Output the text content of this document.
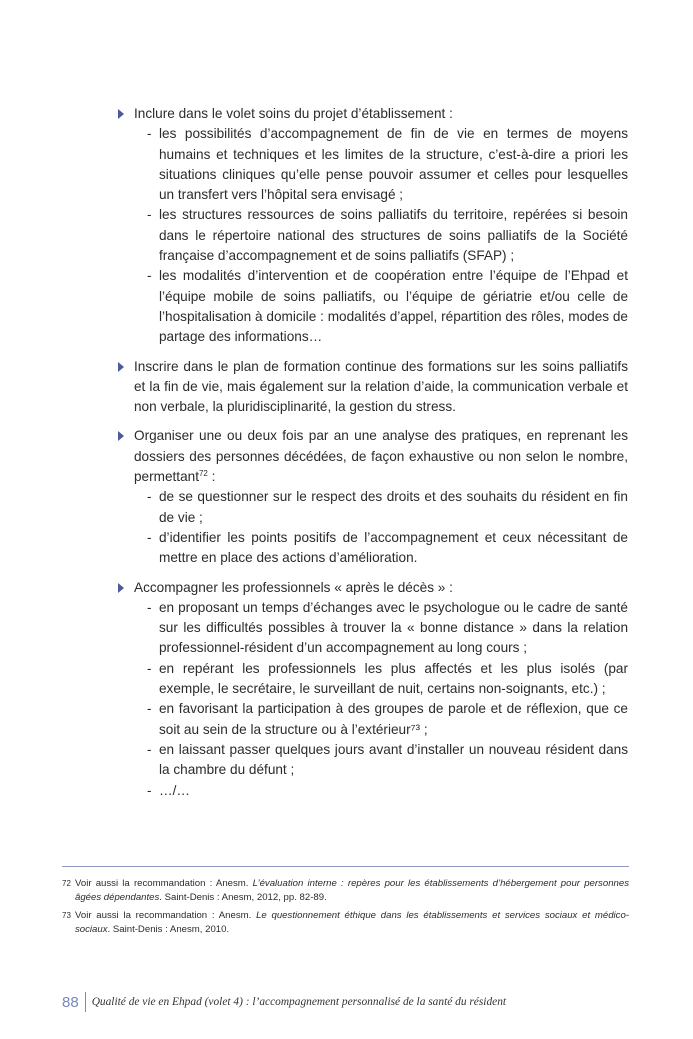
Inclure dans le volet soins du projet d’établissement :
- les possibilités d’accompagnement de fin de vie en termes de moyens humains et techniques et les limites de la structure, c’est-à-dire a priori les situations cliniques qu’elle pense pouvoir assumer et celles pour lesquelles un transfert vers l’hôpital sera envisagé ;
- les structures ressources de soins palliatifs du territoire, repérées si besoin dans le répertoire national des structures de soins palliatifs de la Société française d’accompagnement et de soins palliatifs (SFAP) ;
- les modalités d’intervention et de coopération entre l’équipe de l’Ehpad et l’équipe mobile de soins palliatifs, ou l’équipe de gériatrie et/ou celle de l’hospitalisation à domicile : modalités d’appel, répartition des rôles, modes de partage des informations…
Inscrire dans le plan de formation continue des formations sur les soins palliatifs et la fin de vie, mais également sur la relation d’aide, la communication verbale et non verbale, la pluridisciplinarité, la gestion du stress.
Organiser une ou deux fois par an une analyse des pratiques, en reprenant les dossiers des personnes décédées, de façon exhaustive ou non selon le nombre, permettant$^{72}$ :
- de se questionner sur le respect des droits et des souhaits du résident en fin de vie ;
- d’identifier les points positifs de l’accompagnement et ceux nécessitant de mettre en place des actions d’amélioration.
Accompagner les professionnels « après le décès » :
- en proposant un temps d’échanges avec le psychologue ou le cadre de santé sur les difficultés possibles à trouver la « bonne distance » dans la relation professionnel-résident d’un accompagnement au long cours ;
- en repérant les professionnels les plus affectés et les plus isolés (par exemple, le secrétaire, le surveillant de nuit, certains non-soignants, etc.) ;
- en favorisant la participation à des groupes de parole et de réflexion, que ce soit au sein de la structure ou à l’extérieur⁷³ ;
- en laissant passer quelques jours avant d’installer un nouveau résident dans la chambre du défunt ;
- …/…
72 Voir aussi la recommandation : Anesm. L’évaluation interne : repères pour les établissements d’hébergement pour personnes âgées dépendantes. Saint-Denis : Anesm, 2012, pp. 82-89.
73 Voir aussi la recommandation : Anesm. Le questionnement éthique dans les établissements et services sociaux et médico-sociaux. Saint-Denis : Anesm, 2010.
88	Qualité de vie en Ehpad (volet 4) : l’accompagnement personnalisé de la santé du résident
